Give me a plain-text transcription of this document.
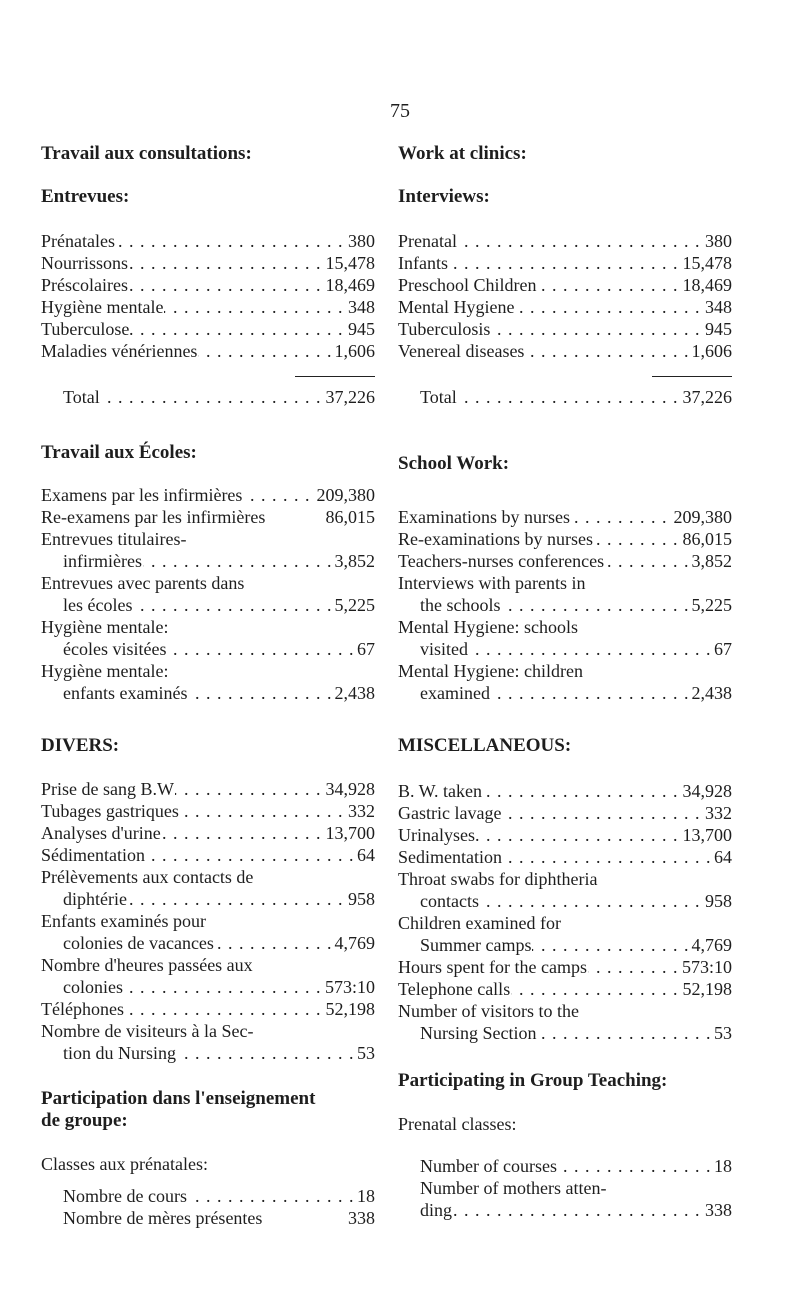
75
Travail aux consultations:
Entrevues:
. . . Prénatales	380
. . . Nourrissons	15,478
. . . Préscolaires	18,469
. . . Hygiène mentale	348
. . . Tuberculose	945
. . . Maladies vénériennes	1,606
. . . Total	37,226
Travail aux Écoles:
. . . Examens par les infirmières	209,380
Re-examens par les infirmières	86,015
Entrevues titulaires-
. . . infirmières	3,852
Entrevues avec parents dans
. . . les écoles	5,225
Hygiène mentale:
. . . écoles visitées	67
Hygiène mentale:
. . . enfants examinés	2,438
DIVERS:
. . . Prise de sang B.W	34,928
. . . Tubages gastriques	332
. . . Analyses d'urine	13,700
. . . Sédimentation	64
Prélèvements aux contacts de
. . . diphtérie	958
Enfants examinés pour
. . . colonies de vacances	4,769
Nombre d'heures passées aux
. . . colonies	573:10
. . . Téléphones	52,198
Nombre de visiteurs à la Sec-
. . . tion du Nursing	53
Participation dans l'enseignement
de groupe:
Classes aux prénatales:
. . . Nombre de cours	18
Nombre de mères présentes	338
Work at clinics:
Interviews:
. . . Prenatal	380
. . . Infants	15,478
. . . Preschool Children	18,469
. . . Mental Hygiene	348
. . . Tuberculosis	945
. . . Venereal diseases	1,606
. . . Total	37,226
School Work:
. . . Examinations by nurses	209,380
. . . Re-examinations by nurses	86,015
. . . Teachers-nurses conferences	3,852
Interviews with parents in
. . . the schools	5,225
Mental Hygiene: schools
. . . visited	67
Mental Hygiene: children
. . . examined	2,438
MISCELLANEOUS:
. . . B. W. taken	34,928
. . . Gastric lavage	332
. . . Urinalyses	13,700
. . . Sedimentation	64
Throat swabs for diphtheria
. . . contacts	958
Children examined for
. . . Summer camps	4,769
. . . Hours spent for the camps	573:10
. . . Telephone calls	52,198
Number of visitors to the
. . . Nursing Section	53
Participating in Group Teaching:
Prenatal classes:
. . . Number of courses	18
Number of mothers atten-
. . . ding	338
